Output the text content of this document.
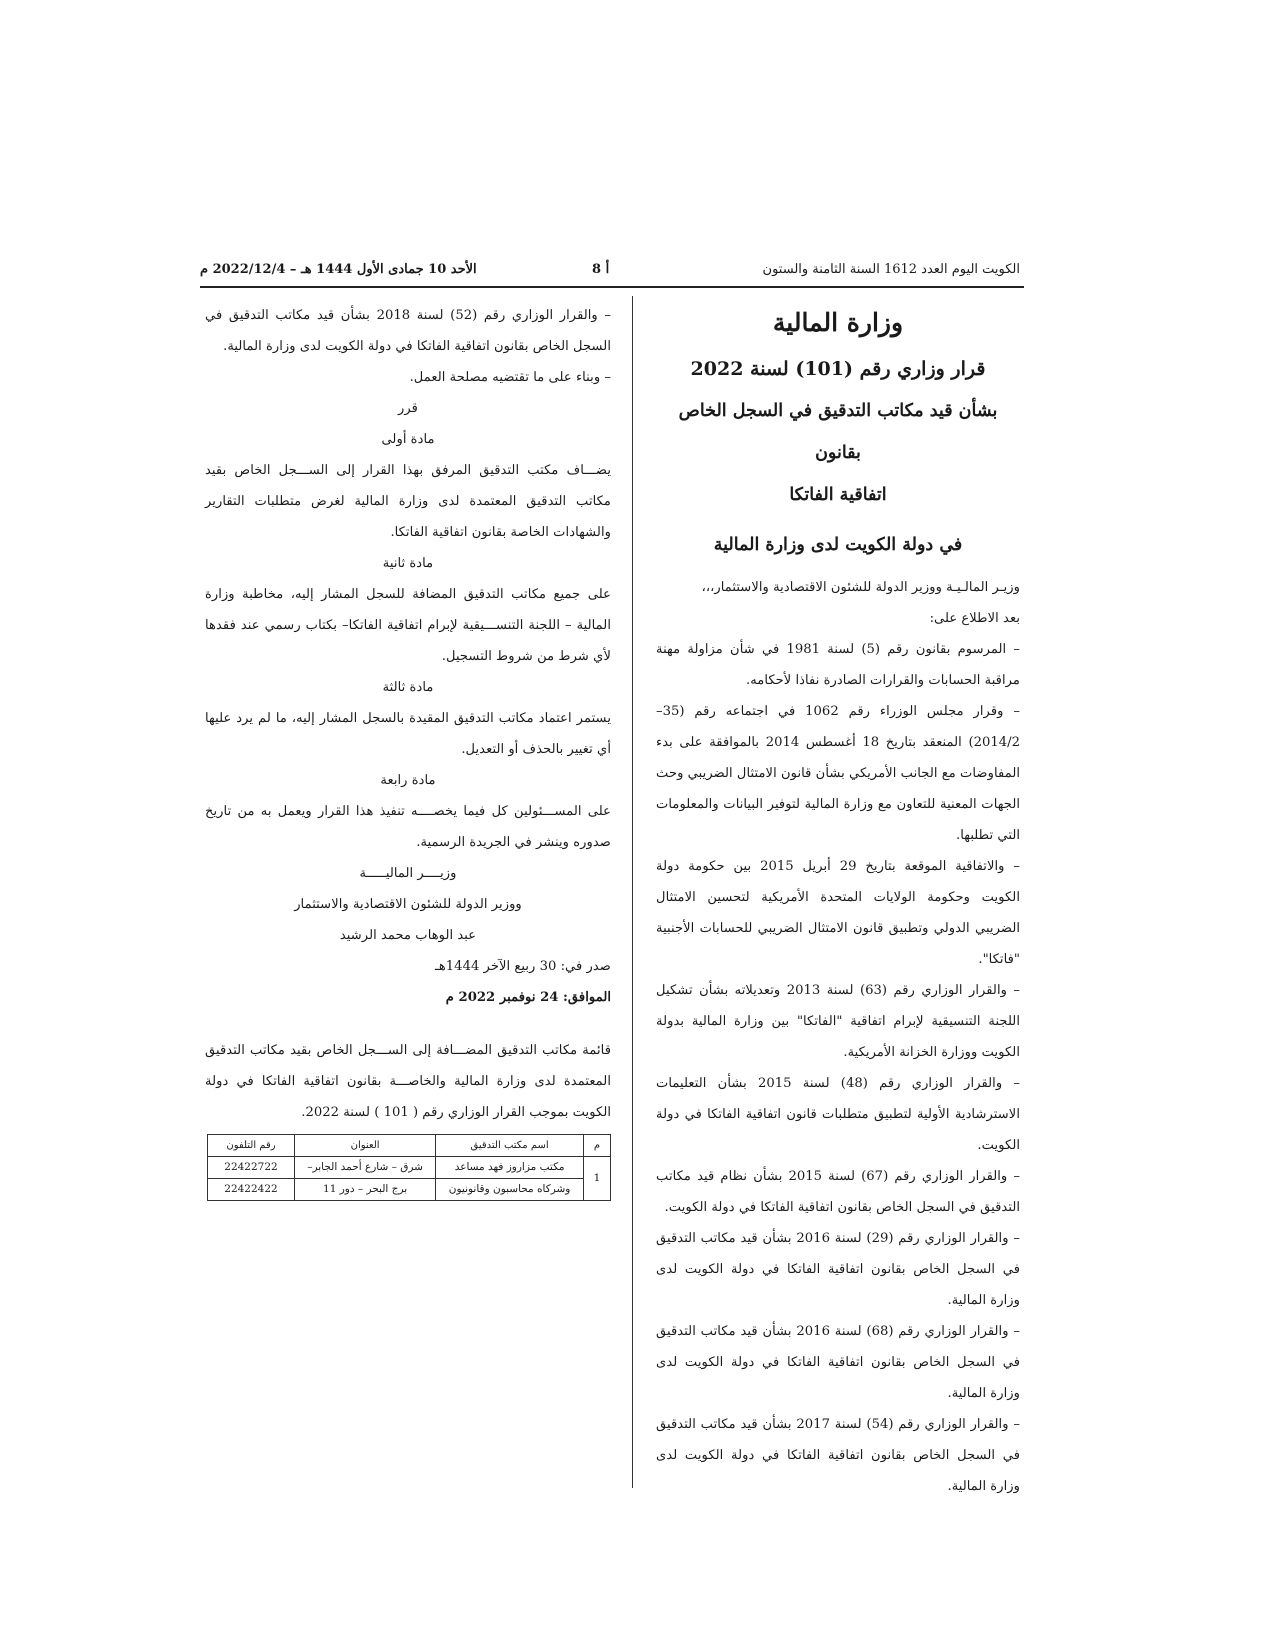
الكويت اليوم العدد 1612 السنة الثامنة والستون
أ 8
الأحد 10 جمادى الأول 1444 هـ – 2022/12/4 م
وزارة المالية
قرار وزاري رقم (101) لسنة 2022
بشأن قيد مكاتب التدقيق في السجل الخاص بقانون
اتفاقية الفاتكا
في دولة الكويت لدى وزارة المالية

وزيـر المالـيـة ووزير الدولة للشئون الاقتصادية والاستثمار،،،

بعد الاطلاع على:

– المرسوم بقانون رقم (5) لسنة 1981 في شأن مزاولة مهنة مراقبة الحسابات والقرارات الصادرة نفاذا لأحكامه.

– وقرار مجلس الوزراء رقم 1062 في اجتماعه رقم (35–2014/2) المنعقد بتاريخ 18 أغسطس 2014 بالموافقة على بدء المفاوضات مع الجانب الأمريكي بشأن قانون الامتثال الضريبي وحث الجهات المعنية للتعاون مع وزارة المالية لتوفير البيانات والمعلومات التي تطلبها.

– والاتفاقية الموقعة بتاريخ 29 أبريل 2015 بين حكومة دولة الكويت وحكومة الولايات المتحدة الأمريكية لتحسين الامتثال الضريبي الدولي وتطبيق قانون الامتثال الضريبي للحسابات الأجنبية "فاتكا".

– والقرار الوزاري رقم (63) لسنة 2013 وتعديلاته بشأن تشكيل اللجنة التنسيقية لإبرام اتفاقية "الفاتكا" بين وزارة المالية بدولة الكويت ووزارة الخزانة الأمريكية.

– والقرار الوزاري رقم (48) لسنة 2015 بشأن التعليمات الاسترشادية الأولية لتطبيق متطلبات قانون اتفاقية الفاتكا في دولة الكويت.

– والقرار الوزاري رقم (67) لسنة 2015 بشأن نظام قيد مكاتب التدقيق في السجل الخاص بقانون اتفاقية الفاتكا في دولة الكويت.

– والقرار الوزاري رقم (29) لسنة 2016 بشأن قيد مكاتب التدقيق في السجل الخاص بقانون اتفاقية الفاتكا في دولة الكويت لدى وزارة المالية.

– والقرار الوزاري رقم (68) لسنة 2016 بشأن قيد مكاتب التدقيق في السجل الخاص بقانون اتفاقية الفاتكا في دولة الكويت لدى وزارة المالية.

– والقرار الوزاري رقم (54) لسنة 2017 بشأن قيد مكاتب التدقيق في السجل الخاص بقانون اتفاقية الفاتكا في دولة الكويت لدى وزارة المالية.

– والقرار الوزاري رقم (52) لسنة 2018 بشأن قيد مكاتب التدقيق في السجل الخاص بقانون اتفاقية الفاتكا في دولة الكويت لدى وزارة المالية.

– وبناء على ما تقتضيه مصلحة العمل.

قرر

مادة أولى

يضـــاف مكتب التدقيق المرفق بهذا القرار إلى الســـجل الخاص بقيد مكاتب التدقيق المعتمدة لدى وزارة المالية لغرض متطلبات التقارير والشهادات الخاصة بقانون اتفاقية الفاتكا.

مادة ثانية

على جميع مكاتب التدقيق المضافة للسجل المشار إليه، مخاطبة وزارة المالية – اللجنة التنســـيقية لإبرام اتفاقية الفاتكا– بكتاب رسمي عند فقدها لأي شرط من شروط التسجيل.

مادة ثالثة

يستمر اعتماد مكاتب التدقيق المقيدة بالسجل المشار إليه، ما لم يرد عليها أي تغيير بالحذف أو التعديل.

مادة رابعة

على المســـئولين كل فيما يخصــــه تنفيذ هذا القرار ويعمل به من تاريخ صدوره وينشر في الجريدة الرسمية.

وزيــــر الماليـــــة
ووزير الدولة للشئون الاقتصادية والاستثمار
عبد الوهاب محمد الرشيد
صدر في: 30 ربيع الآخر 1444هـ
الموافق: 24 نوفمبر 2022 م

قائمة مكاتب التدقيق المضـــافة إلى الســـجل الخاص بقيد مكاتب التدقيق المعتمدة لدى وزارة المالية والخاصـــة بقانون اتفاقية الفاتكا في دولة الكويت بموجب القرار الوزاري رقم ( 101 ) لسنة 2022.

م	اسم مكتب التدقيق	العنوان	رقم التلفون
1	مكتب مزاروز فهد مساعد	شرق – شارع أحمد الجابر–	22422722
	وشركاه محاسبون وقانونيون	برج البحر – دور 11	22422422
